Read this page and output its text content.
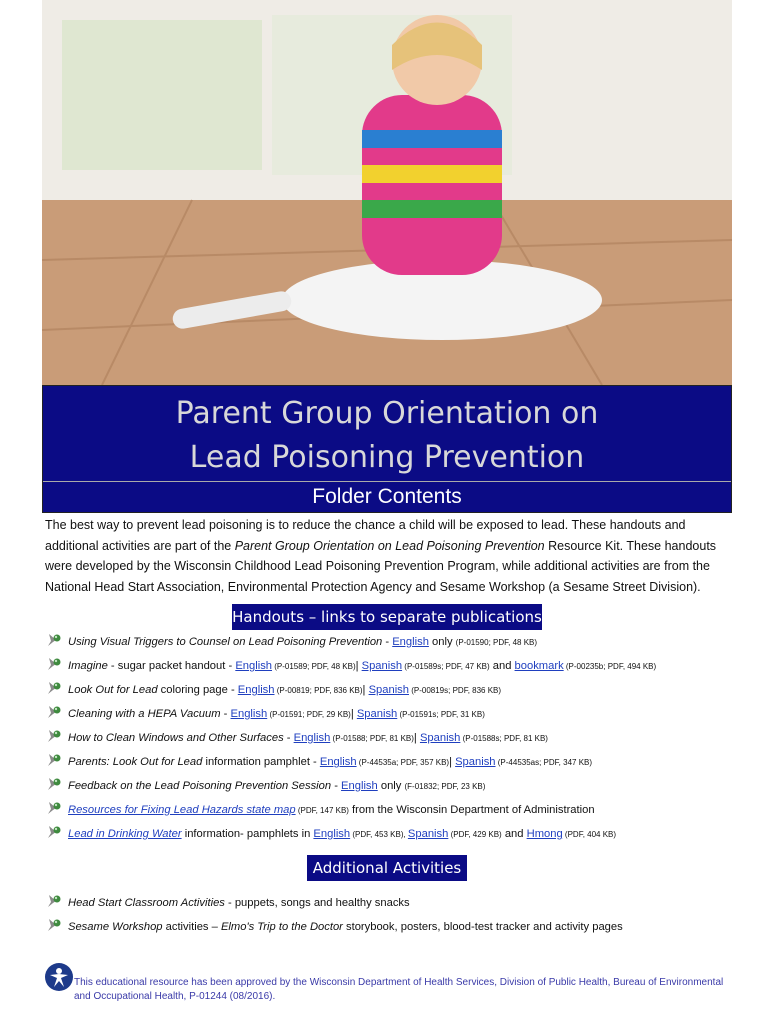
Parent Group Orientation on
Lead Poisoning Prevention
Folder Contents
The best way to prevent lead poisoning is to reduce the chance a child will be exposed to lead. These handouts and additional activities are part of the Parent Group Orientation on Lead Poisoning Prevention Resource Kit. These handouts were developed by the Wisconsin Childhood Lead Poisoning Prevention Program, while additional activities are from the National Head Start Association, Environmental Protection Agency and Sesame Workshop (a Sesame Street Division).
Handouts – links to separate publications
Using Visual Triggers to Counsel on Lead Poisoning Prevention - English only (P-01590; PDF, 48 KB)
Imagine - sugar packet handout - English (P-01589; PDF, 48 KB)| Spanish (P-01589s; PDF, 47 KB) and bookmark (P-00235b; PDF, 494 KB)
Look Out for Lead coloring page - English (P-00819; PDF, 836 KB)| Spanish (P-00819s; PDF, 836 KB)
Cleaning with a HEPA Vacuum - English (P-01591; PDF, 29 KB)| Spanish (P-01591s; PDF, 31 KB)
How to Clean Windows and Other Surfaces - English (P-01588; PDF, 81 KB)| Spanish (P-01588s; PDF, 81 KB)
Parents: Look Out for Lead information pamphlet - English (P-44535a; PDF, 357 KB)| Spanish (P-44535as; PDF, 347 KB)
Feedback on the Lead Poisoning Prevention Session - English only (F-01832; PDF, 23 KB)
Resources for Fixing Lead Hazards state map (PDF, 147 KB) from the Wisconsin Department of Administration
Lead in Drinking Water information- pamphlets in English (PDF, 453 KB), Spanish (PDF, 429 KB) and Hmong (PDF, 404 KB)
Additional Activities
Head Start Classroom Activities - puppets, songs and healthy snacks
Sesame Workshop activities – Elmo's Trip to the Doctor storybook, posters, blood-test tracker and activity pages
This educational resource has been approved by the Wisconsin Department of Health Services, Division of Public Health, Bureau of Environmental and Occupational Health, P-01244 (08/2016).
